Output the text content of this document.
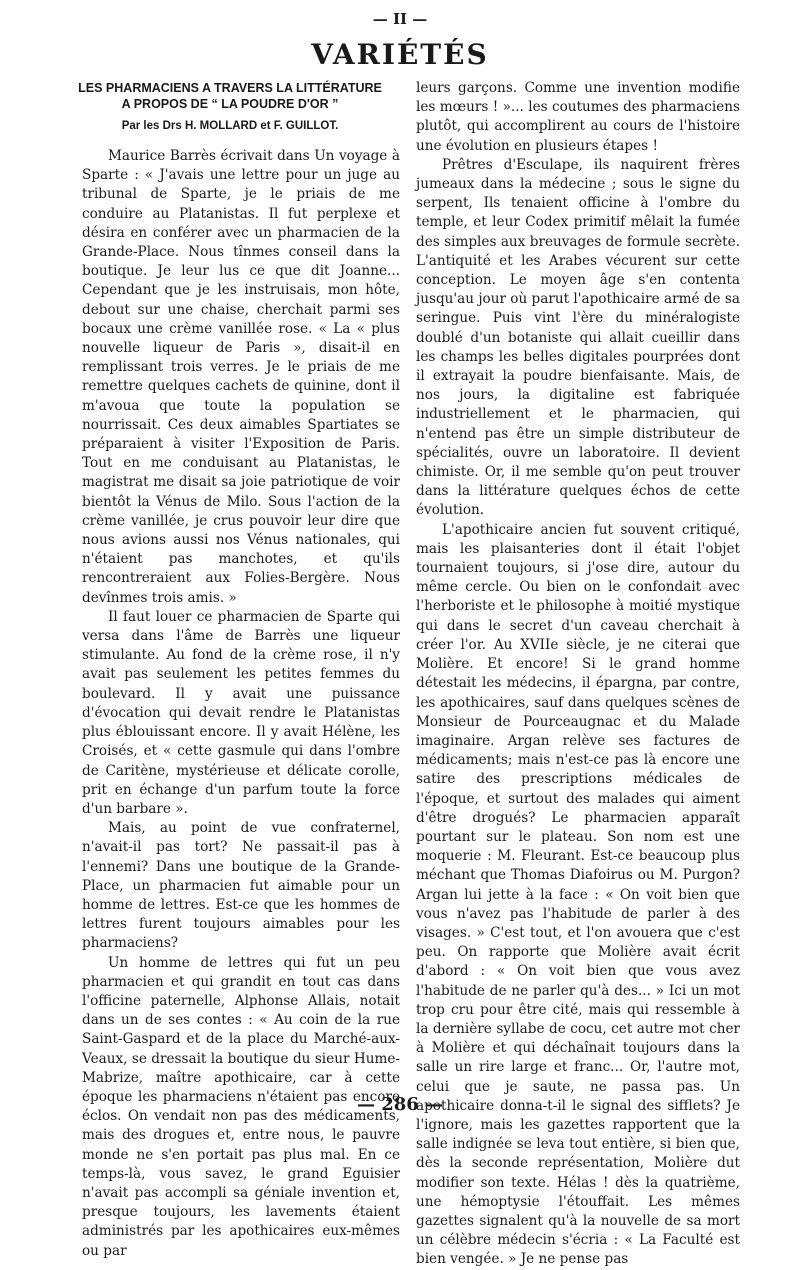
— II —
VARIÉTÉS
LES PHARMACIENS A TRAVERS LA LITTÉRATURE
A PROPOS DE “ LA POUDRE D'OR ”
Par les Drs H. MOLLARD et F. GUILLOT.

Maurice Barrès écrivait dans Un voyage à Sparte : « J'avais une lettre pour un juge au tribunal de Sparte, je le priais de me conduire au Platanistas. Il fut perplexe et désira en conférer avec un pharmacien de la Grande-Place. Nous tînmes conseil dans la boutique. Je leur lus ce que dit Joanne... Cependant que je les instruisais, mon hôte, debout sur une chaise, cherchait parmi ses bocaux une crème vanillée rose. « La « plus nouvelle liqueur de Paris », disait-il en remplissant trois verres. Je le priais de me remettre quelques cachets de quinine, dont il m'avoua que toute la population se nourrissait. Ces deux aimables Spartiates se préparaient à visiter l'Exposition de Paris. Tout en me conduisant au Platanistas, le magistrat me disait sa joie patriotique de voir bientôt la Vénus de Milo. Sous l'action de la crème vanillée, je crus pouvoir leur dire que nous avions aussi nos Vénus nationales, qui n'étaient pas manchotes, et qu'ils rencontreraient aux Folies-Bergère. Nous devînmes trois amis. »

Il faut louer ce pharmacien de Sparte qui versa dans l'âme de Barrès une liqueur stimulante. Au fond de la crème rose, il n'y avait pas seulement les petites femmes du boulevard. Il y avait une puissance d'évocation qui devait rendre le Platanistas plus éblouissant encore. Il y avait Hélène, les Croisés, et « cette gasmule qui dans l'ombre de Caritène, mystérieuse et délicate corolle, prit en échange d'un parfum toute la force d'un barbare ».

Mais, au point de vue confraternel, n'avait-il pas tort? Ne passait-il pas à l'ennemi? Dans une boutique de la Grande-Place, un pharmacien fut aimable pour un homme de lettres. Est-ce que les hommes de lettres furent toujours aimables pour les pharmaciens?

Un homme de lettres qui fut un peu pharmacien et qui grandit en tout cas dans l'officine paternelle, Alphonse Allais, notait dans un de ses contes : « Au coin de la rue Saint-Gaspard et de la place du Marché-aux-Veaux, se dressait la boutique du sieur Hume-Mabrize, maître apothicaire, car à cette époque les pharmaciens n'étaient pas encore éclos. On vendait non pas des médicaments, mais des drogues et, entre nous, le pauvre monde ne s'en portait pas plus mal. En ce temps-là, vous savez, le grand Eguisier n'avait pas accompli sa géniale invention et, presque toujours, les lavements étaient administrés par les apothicaires eux-mêmes ou par

leurs garçons. Comme une invention modifie les mœurs ! »... les coutumes des pharmaciens plutôt, qui accomplirent au cours de l'histoire une évolution en plusieurs étapes !

Prêtres d'Esculape, ils naquirent frères jumeaux dans la médecine ; sous le signe du serpent, Ils tenaient officine à l'ombre du temple, et leur Codex primitif mêlait la fumée des simples aux breuvages de formule secrète. L'antiquité et les Arabes vécurent sur cette conception. Le moyen âge s'en contenta jusqu'au jour où parut l'apothicaire armé de sa seringue. Puis vint l'ère du minéralogiste doublé d'un botaniste qui allait cueillir dans les champs les belles digitales pourprées dont il extrayait la poudre bienfaisante. Mais, de nos jours, la digitaline est fabriquée industriellement et le pharmacien, qui n'entend pas être un simple distributeur de spécialités, ouvre un laboratoire. Il devient chimiste. Or, il me semble qu'on peut trouver dans la littérature quelques échos de cette évolution.

L'apothicaire ancien fut souvent critiqué, mais les plaisanteries dont il était l'objet tournaient toujours, si j'ose dire, autour du même cercle. Ou bien on le confondait avec l'herboriste et le philosophe à moitié mystique qui dans le secret d'un caveau cherchait à créer l'or. Au XVIIe siècle, je ne citerai que Molière. Et encore! Si le grand homme détestait les médecins, il épargna, par contre, les apothicaires, sauf dans quelques scènes de Monsieur de Pourceaugnac et du Malade imaginaire. Argan relève ses factures de médicaments; mais n'est-ce pas là encore une satire des prescriptions médicales de l'époque, et surtout des malades qui aiment d'être drogués? Le pharmacien apparaît pourtant sur le plateau. Son nom est une moquerie : M. Fleurant. Est-ce beaucoup plus méchant que Thomas Diafoirus ou M. Purgon? Argan lui jette à la face : « On voit bien que vous n'avez pas l'habitude de parler à des visages. » C'est tout, et l'on avouera que c'est peu. On rapporte que Molière avait écrit d'abord : « On voit bien que vous avez l'habitude de ne parler qu'à des... » Ici un mot trop cru pour être cité, mais qui ressemble à la dernière syllabe de cocu, cet autre mot cher à Molière et qui déchaînait toujours dans la salle un rire large et franc... Or, l'autre mot, celui que je saute, ne passa pas. Un apothicaire donna-t-il le signal des sifflets? Je l'ignore, mais les gazettes rapportent que la salle indignée se leva tout entière, si bien que, dès la seconde représentation, Molière dut modifier son texte. Hélas ! dès la quatrième, une hémoptysie l'étouffait. Les mêmes gazettes signalent qu'à la nouvelle de sa mort un célèbre médecin s'écria : « La Faculté est bien vengée. » Je ne pense pas

— 286 —
